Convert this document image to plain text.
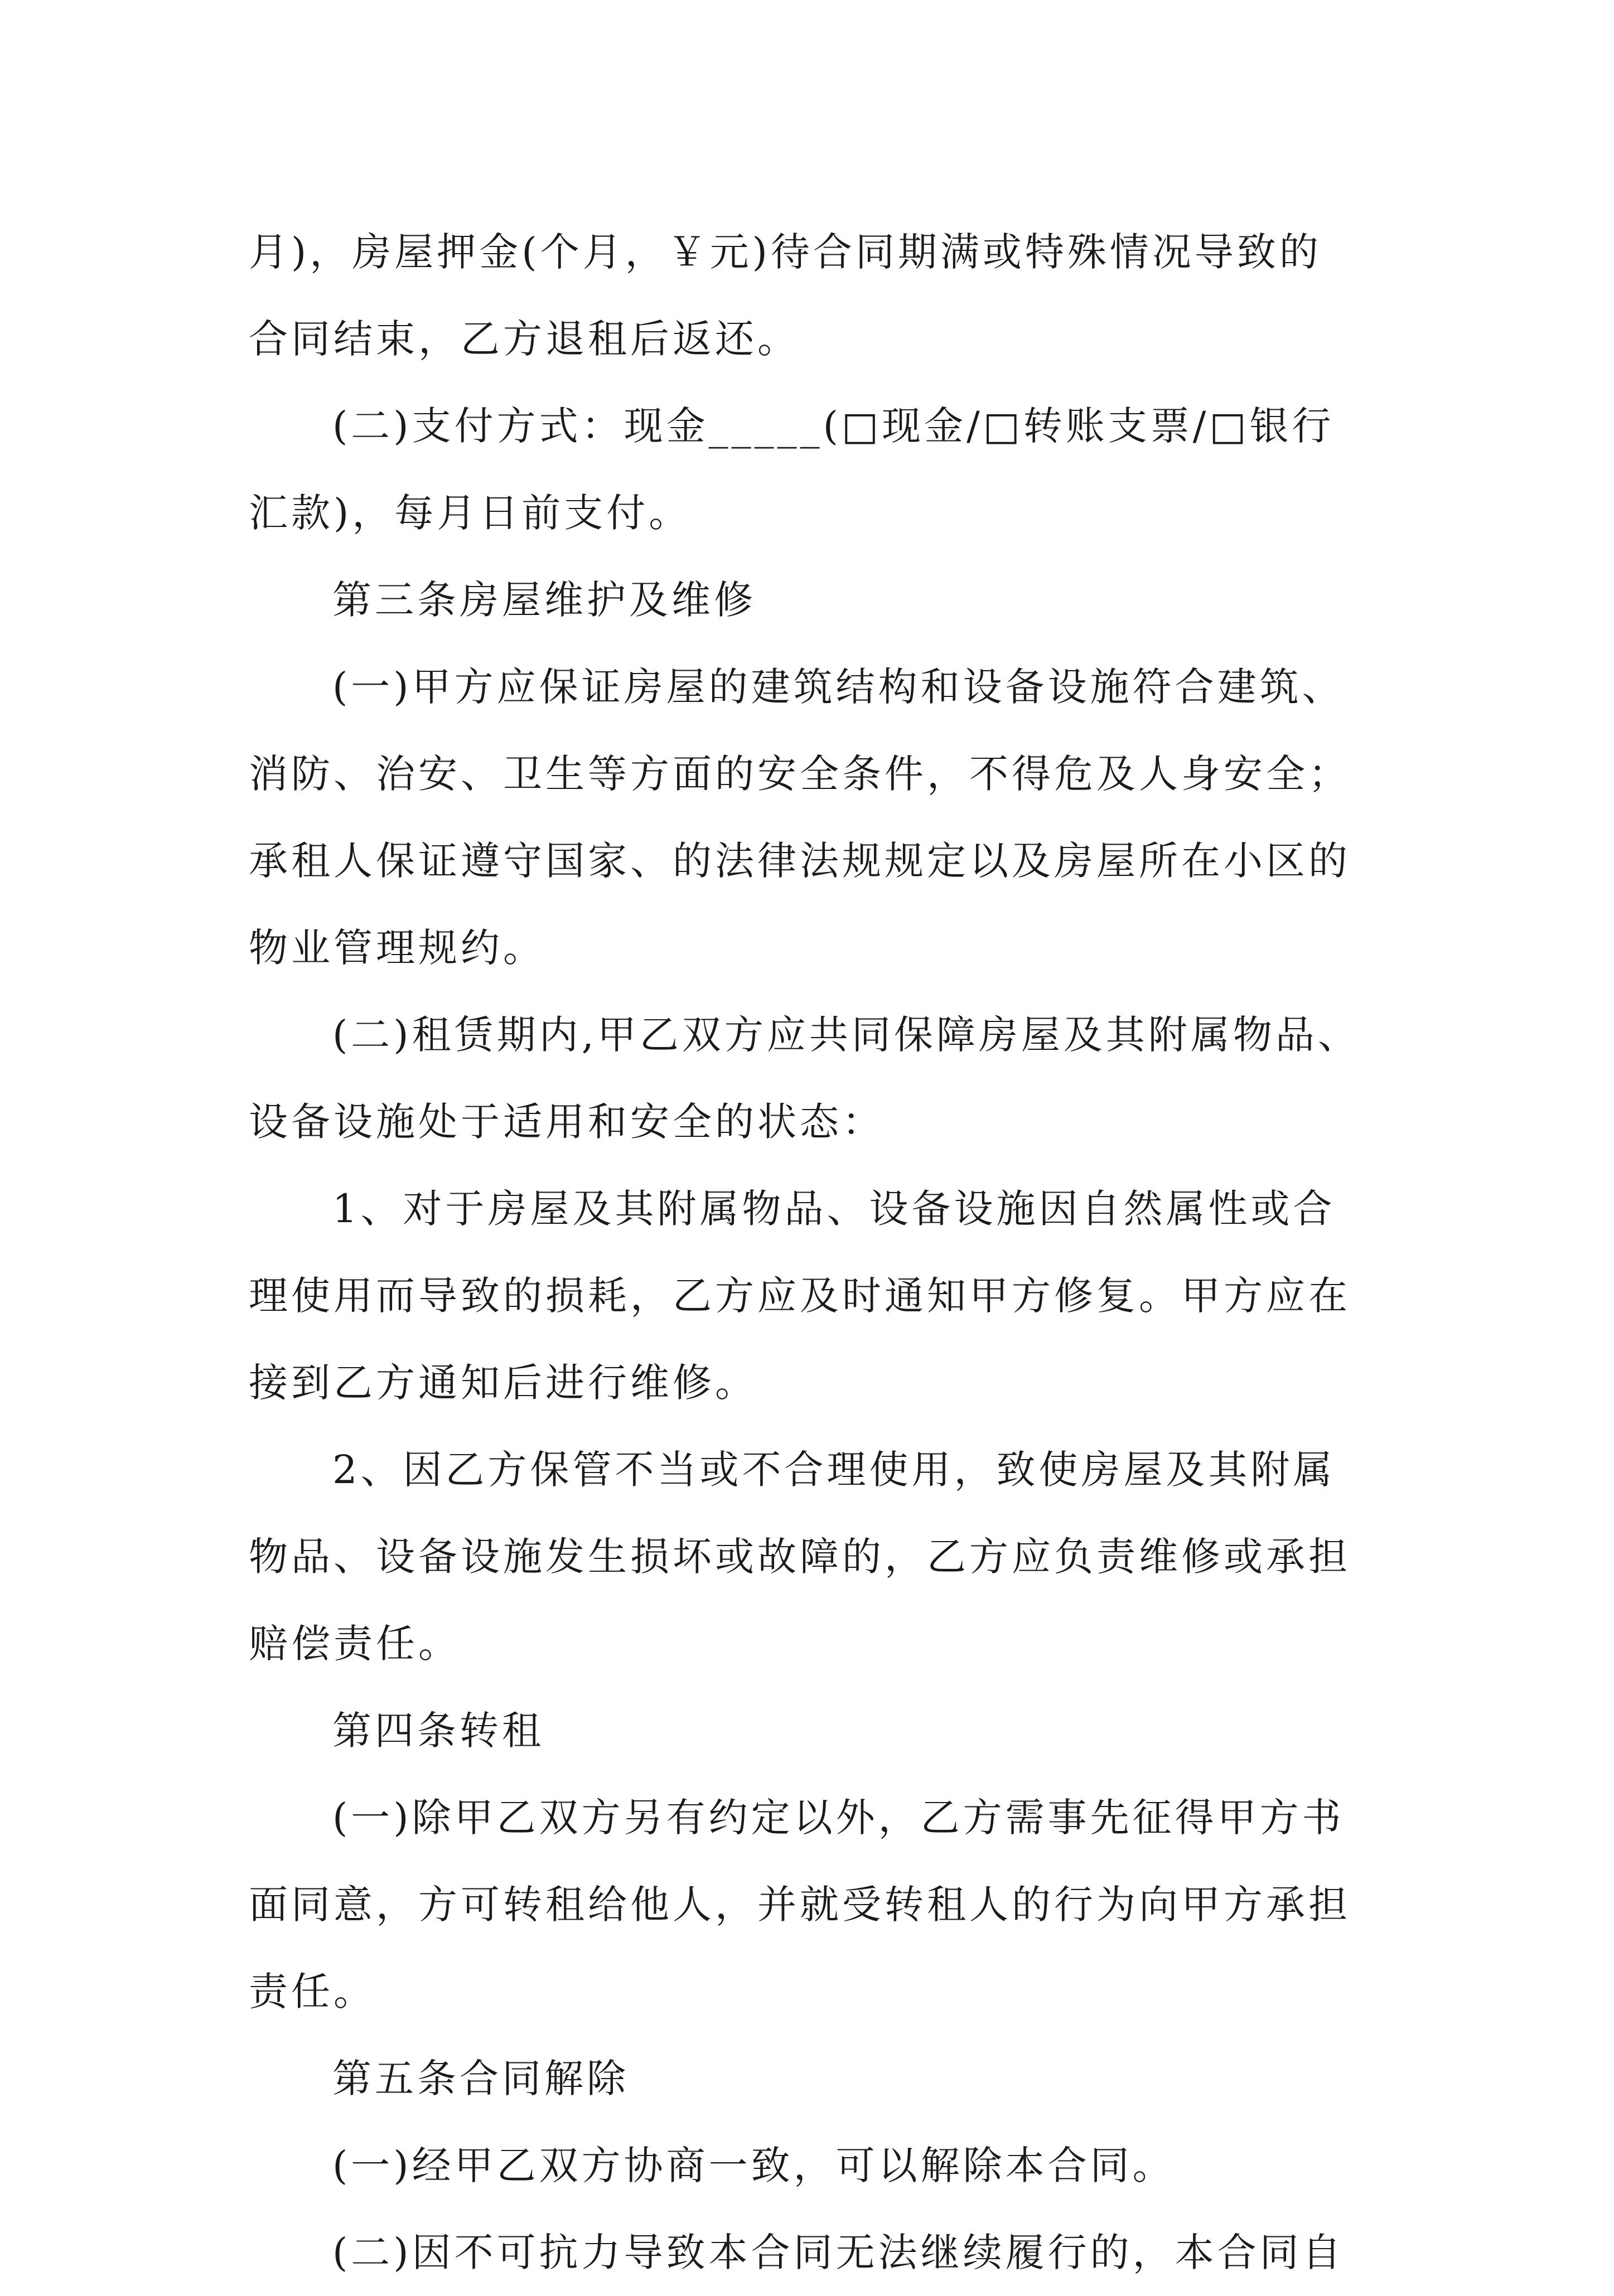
月)，房屋押金(个月，￥元)待合同期满或特殊情况导致的
合同结束，乙方退租后返还。
(二)支付方式：现金_____(□现金/□转账支票/□银行
汇款)，每月日前支付。
第三条房屋维护及维修
(一)甲方应保证房屋的建筑结构和设备设施符合建筑、
消防、治安、卫生等方面的安全条件，不得危及人身安全；
承租人保证遵守国家、的法律法规规定以及房屋所在小区的
物业管理规约。
(二)租赁期内,甲乙双方应共同保障房屋及其附属物品、
设备设施处于适用和安全的状态：
1、对于房屋及其附属物品、设备设施因自然属性或合
理使用而导致的损耗，乙方应及时通知甲方修复。甲方应在
接到乙方通知后进行维修。
2、因乙方保管不当或不合理使用，致使房屋及其附属
物品、设备设施发生损坏或故障的，乙方应负责维修或承担
赔偿责任。
第四条转租
(一)除甲乙双方另有约定以外，乙方需事先征得甲方书
面同意，方可转租给他人，并就受转租人的行为向甲方承担
责任。
第五条合同解除
(一)经甲乙双方协商一致，可以解除本合同。
(二)因不可抗力导致本合同无法继续履行的，本合同自
